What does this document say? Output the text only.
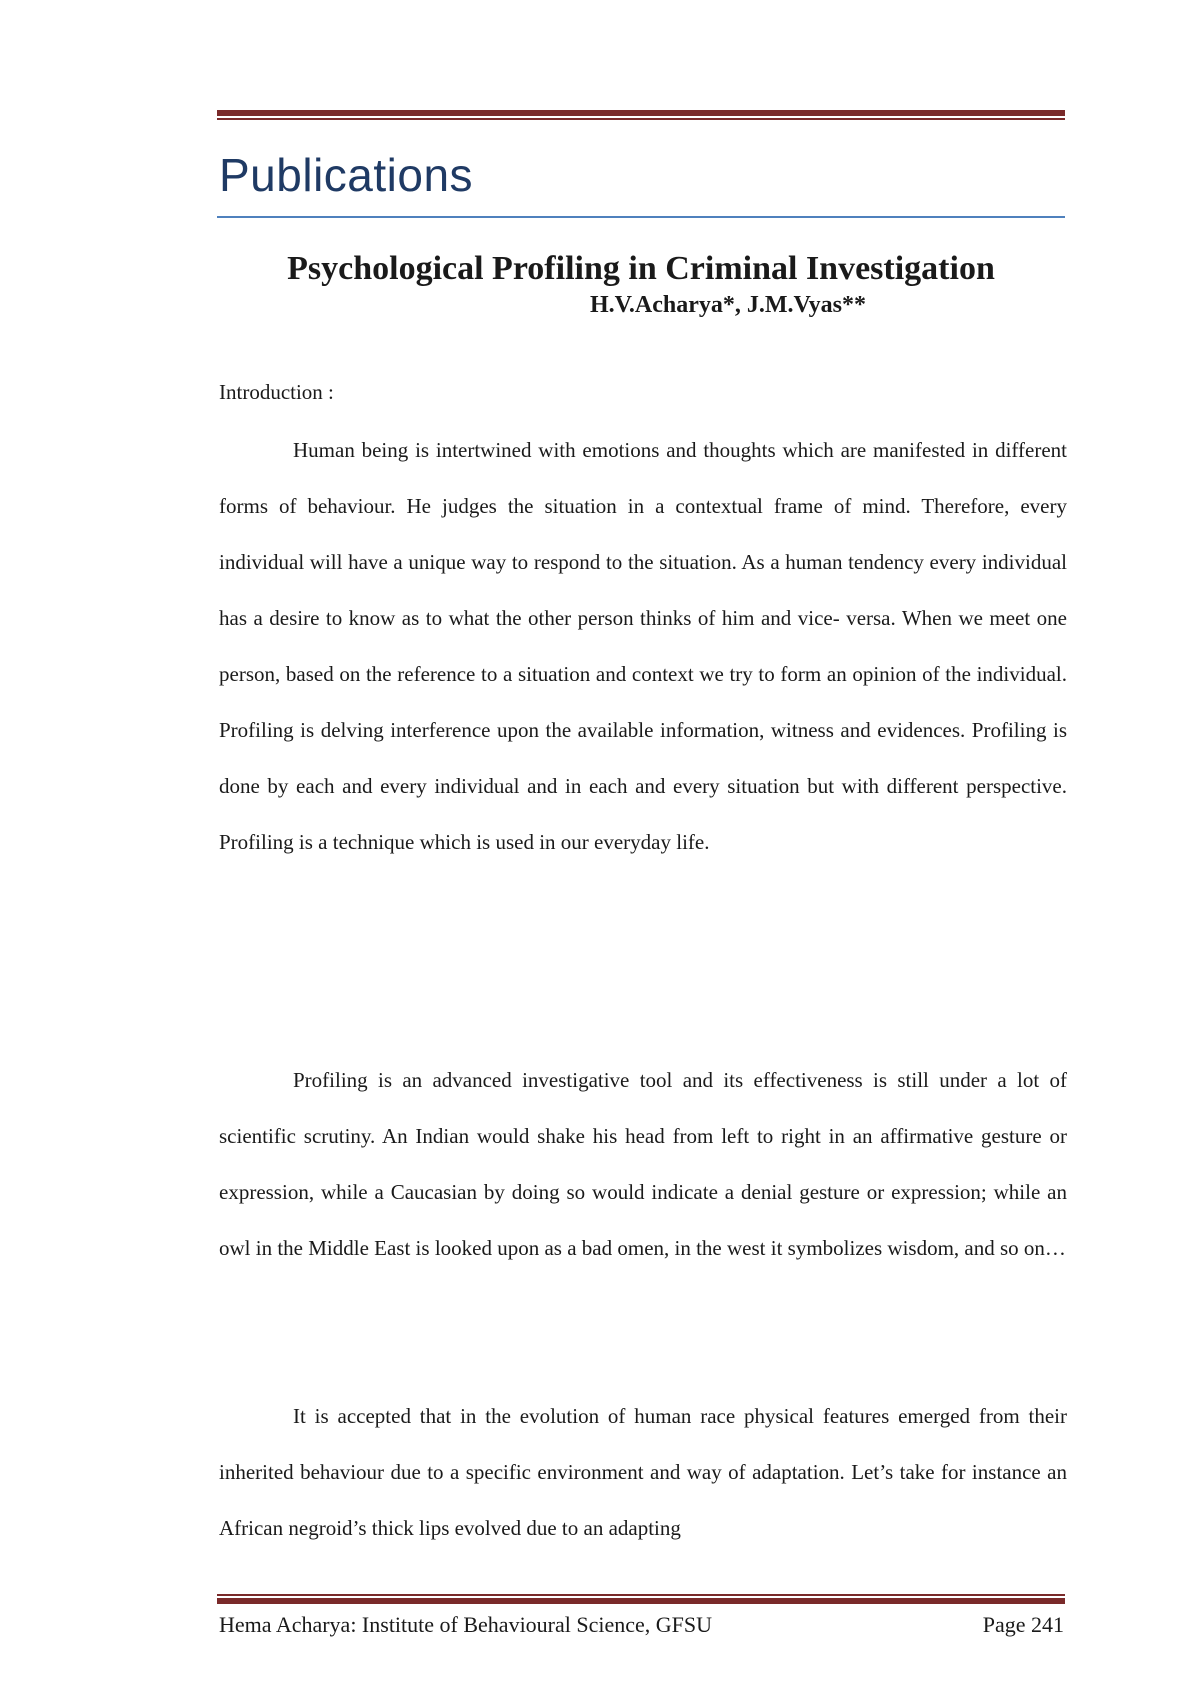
Publications
Psychological Profiling in Criminal Investigation
H.V.Acharya*, J.M.Vyas**
Introduction :

Human being is intertwined with emotions and thoughts which are manifested in different forms of behaviour. He judges the situation in a contextual frame of mind. Therefore, every individual will have a unique way to respond to the situation. As a human tendency every individual has a desire to know as to what the other person thinks of him and vice- versa. When we meet one person, based on the reference to a situation and context we try to form an opinion of the individual. Profiling is delving interference upon the available information, witness and evidences. Profiling is done by each and every individual and in each and every situation but with different perspective. Profiling is a technique which is used in our everyday life.

Profiling is an advanced investigative tool and its effectiveness is still under a lot of scientific scrutiny. An Indian would shake his head from left to right in an affirmative gesture or expression, while a Caucasian by doing so would indicate a denial gesture or expression; while an owl in the Middle East is looked upon as a bad omen, in the west it symbolizes wisdom, and so on…

It is accepted that in the evolution of human race physical features emerged from their inherited behaviour due to a specific environment and way of adaptation. Let’s take for instance an African negroid’s thick lips evolved due to an adapting

Hema Acharya: Institute of Behavioural Science, GFSU	Page 241
